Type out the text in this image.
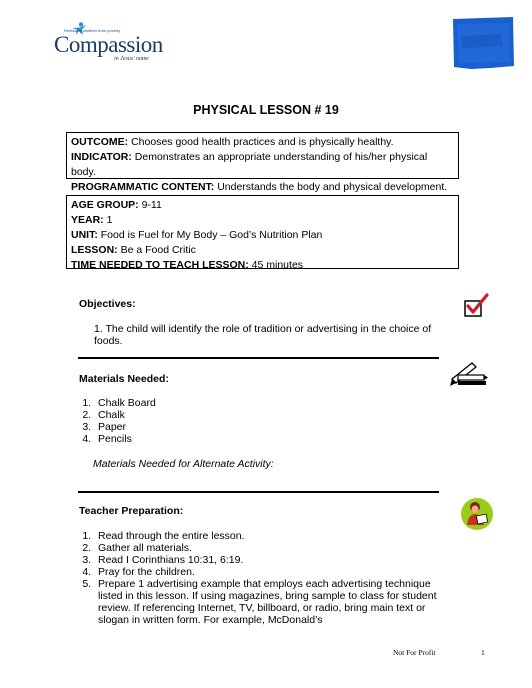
Releasing children from poverty
Compassion
in Jesus' name
PHYSICAL LESSON # 19
OUTCOME: Chooses good health practices and is physically healthy.
INDICATOR: Demonstrates an appropriate understanding of his/her physical body.
PROGRAMMATIC CONTENT: Understands the body and physical development.
AGE GROUP: 9-11
YEAR: 1
UNIT: Food is Fuel for My Body – God’s Nutrition Plan
LESSON: Be a Food Critic
TIME NEEDED TO TEACH LESSON: 45 minutes
Objectives:
1. The child will identify the role of tradition or advertising in the choice of foods.
Materials Needed:
1. Chalk Board
2. Chalk
3. Paper
4. Pencils
Materials Needed for Alternate Activity:
Teacher Preparation:
1. Read through the entire lesson.
2. Gather all materials.
3. Read I Corinthians 10:31, 6:19.
4. Pray for the children.
5. Prepare 1 advertising example that employs each advertising technique listed in this lesson. If using magazines, bring sample to class for student review. If referencing Internet, TV, billboard, or radio, bring main text or slogan in written form. For example, McDonald’s
Not For Profit	1
